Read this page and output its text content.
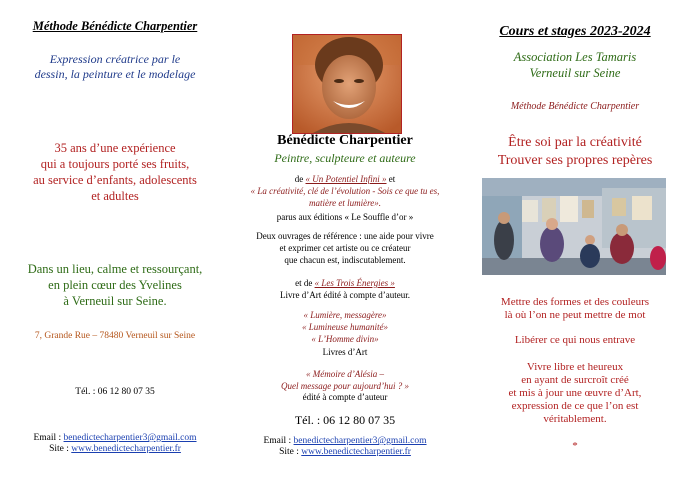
Méthode Bénédicte Charpentier

Expression créatrice par le

dessin, la peinture et le modelage

35 ans d’une expérience

qui a toujours porté ses fruits,

au service d’enfants, adolescents

et adultes

Dans un lieu, calme et ressourçant,

en plein cœur des Yvelines

à Verneuil sur Seine.

7, Grande Rue – 78480 Verneuil sur Seine

Tél. : 06 12 80 07 35

Email : benedictecharpentier3@gmail.com

Site : www.benedictecharpentier.fr

Bénédicte Charpentier

Peintre, sculpteure et auteure

de « Un Potentiel Infini » et

« La créativité, clé de l’évolution - Sois ce que tu es,

matière et lumière».

parus aux éditions « Le Souffle d’or »

Deux ouvrages de référence : une aide pour vivre

et exprimer cet artiste ou ce créateur

que chacun est, indiscutablement.

et de « Les Trois Énergies »

Livre d’Art édité à compte d’auteur.

« Lumière, messagère»

« Lumineuse humanité»

« L’Homme divin»

Livres d’Art

« Mémoire d’Alésia –

Quel message pour aujourd’hui ? »

édité à compte d’auteur

Tél. : 06 12 80 07 35

Email : benedictecharpentier3@gmail.com

Site : www.benedictecharpentier.fr

Cours et stages 2023-2024

Association Les Tamaris

Verneuil sur Seine

Méthode Bénédicte Charpentier

Être soi par la créativité

Trouver ses propres repères

Mettre des formes et des couleurs

là où l’on ne peut mettre de mot

Libérer ce qui nous entrave

Vivre libre et heureux

en ayant de surcroît créé

et mis à jour une œuvre d’Art,

expression de ce que l’on est

véritablement.

*
